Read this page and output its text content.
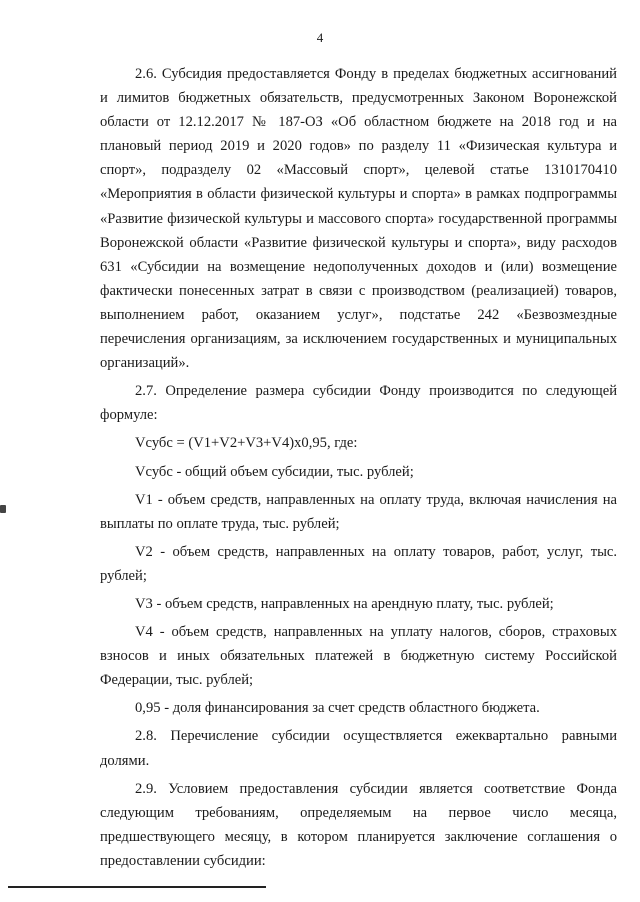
4

2.6. Субсидия предоставляется Фонду в пределах бюджетных ассигнований и лимитов бюджетных обязательств, предусмотренных Законом Воронежской области от 12.12.2017 № 187-ОЗ «Об областном бюджете на 2018 год и на плановый период 2019 и 2020 годов» по разделу 11 «Физическая культура и спорт», подразделу 02 «Массовый спорт», целевой статье 1310170410 «Мероприятия в области физической культуры и спорта» в рамках подпрограммы «Развитие физической культуры и массового спорта» государственной программы Воронежской области «Развитие физической культуры и спорта», виду расходов 631 «Субсидии на возмещение недополученных доходов и (или) возмещение фактически понесенных затрат в связи с производством (реализацией) товаров, выполнением работ, оказанием услуг», подстатье 242 «Безвозмездные перечисления организациям, за исключением государственных и муниципальных организаций».

2.7. Определение размера субсидии Фонду производится по следующей формуле:

Vсубс = (V1+V2+V3+V4)х0,95, где:

Vсубс - общий объем субсидии, тыс. рублей;

V1 - объем средств, направленных на оплату труда, включая начисления на выплаты по оплате труда, тыс. рублей;

V2 - объем средств, направленных на оплату товаров, работ, услуг, тыс. рублей;

V3 - объем средств, направленных на арендную плату, тыс. рублей;

V4 - объем средств, направленных на уплату налогов, сборов, страховых взносов и иных обязательных платежей в бюджетную систему Российской Федерации, тыс. рублей;

0,95 - доля финансирования за счет средств областного бюджета.

2.8. Перечисление субсидии осуществляется ежеквартально равными долями.

2.9. Условием предоставления субсидии является соответствие Фонда следующим требованиям, определяемым на первое число месяца, предшествующего месяцу, в котором планируется заключение соглашения о предоставлении субсидии:
